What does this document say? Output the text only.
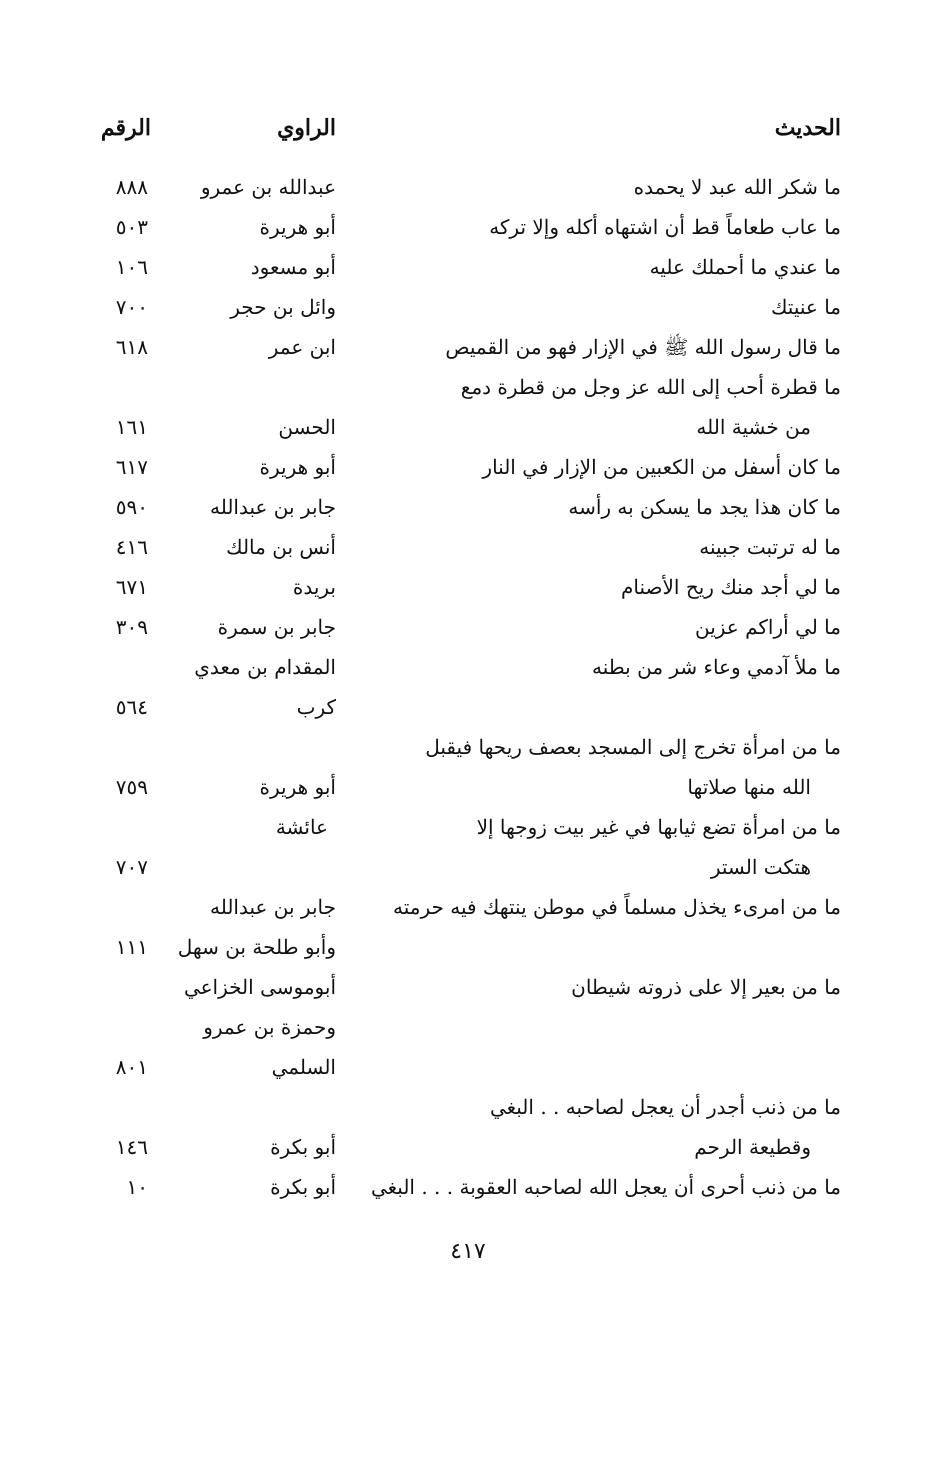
الحديث
الراوي
الرقم
ما شكر الله عبد لا يحمده
عبدالله بن عمرو
٨٨٨
ما عاب طعاماً قط أن اشتهاه أكله وإلا تركه
أبو هريرة
٥٠٣
ما عندي ما أحملك عليه
أبو مسعود
١٠٦
ما عنيتك
وائل بن حجر
٧٠٠
ما قال رسول الله ﷺ في الإزار فهو من القميص
ابن عمر
٦١٨
ما قطرة أحب إلى الله عز وجل من قطرة دمع
من خشية الله
الحسن
١٦١
ما كان أسفل من الكعبين من الإزار في النار
أبو هريرة
٦١٧
ما كان هذا يجد ما يسكن به رأسه
جابر بن عبدالله
٥٩٠
ما له ترتبت جبينه
أنس بن مالك
٤١٦
ما لي أجد منك ريح الأصنام
بريدة
٦٧١
ما لي أراكم عزين
جابر بن سمرة
٣٠٩
ما ملأ آدمي وعاء شر من بطنه
المقدام بن معدي
كرب
٥٦٤
ما من امرأة تخرج إلى المسجد بعصف ريحها فيقبل
الله منها صلاتها
أبو هريرة
٧٥٩
ما من امرأة تضع ثيابها في غير بيت زوجها إلا
عائشة
هتكت الستر
٧٠٧
ما من امرىء يخذل مسلماً في موطن ينتهك فيه حرمته
جابر بن عبدالله
وأبو طلحة بن سهل
١١١
ما من بعير إلا على ذروته شيطان
أبوموسى الخزاعي
وحمزة بن عمرو
السلمي
٨٠١
ما من ذنب أجدر أن يعجل لصاحبه . . البغي
وقطيعة الرحم
أبو بكرة
١٤٦
ما من ذنب أحرى أن يعجل الله لصاحبه العقوبة . . . البغي
أبو بكرة
١٠
٤١٧
